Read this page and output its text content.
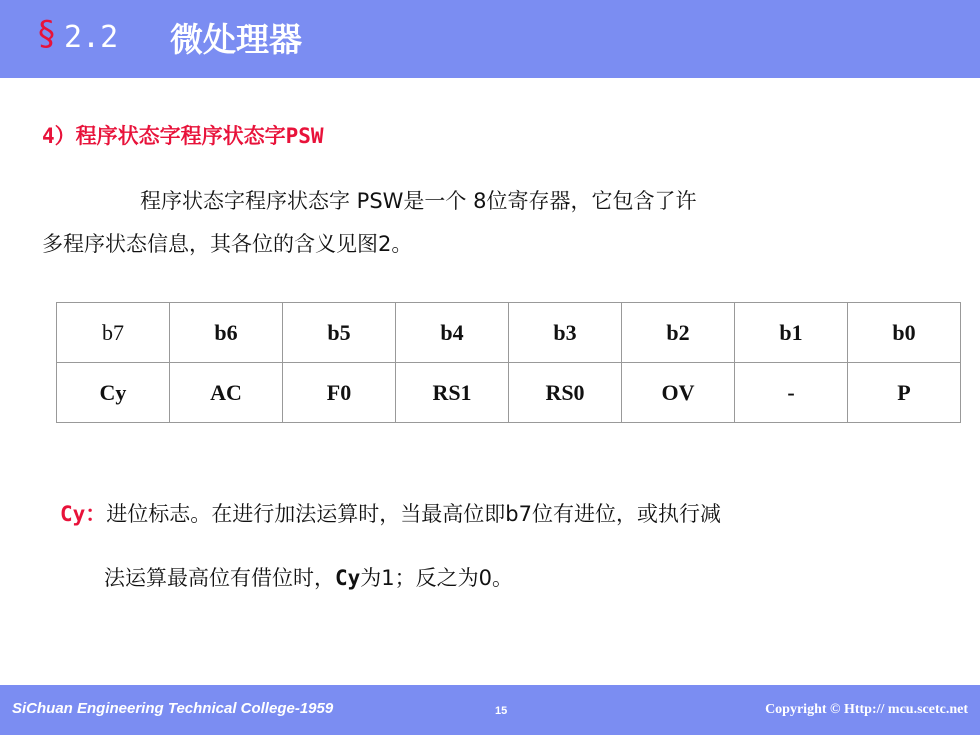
§ 2.2 微处理器
4）程序状态字程序状态字PSW
程序状态字程序状态字 PSW是一个 8位寄存器，它包含了许
多程序状态信息，其各位的含义见图2。
b7	b6	b5	b4	b3	b2	b1	b0
Cy	AC	F0	RS1	RS0	OV	-	P
Cy：进位标志。在进行加法运算时，当最高位即b7位有进位，或执行减
法运算最高位有借位时，Cy为1；反之为0。
SiChuan Engineering Technical College-1959	15	Copyright © Http:// mcu.scetc.net
